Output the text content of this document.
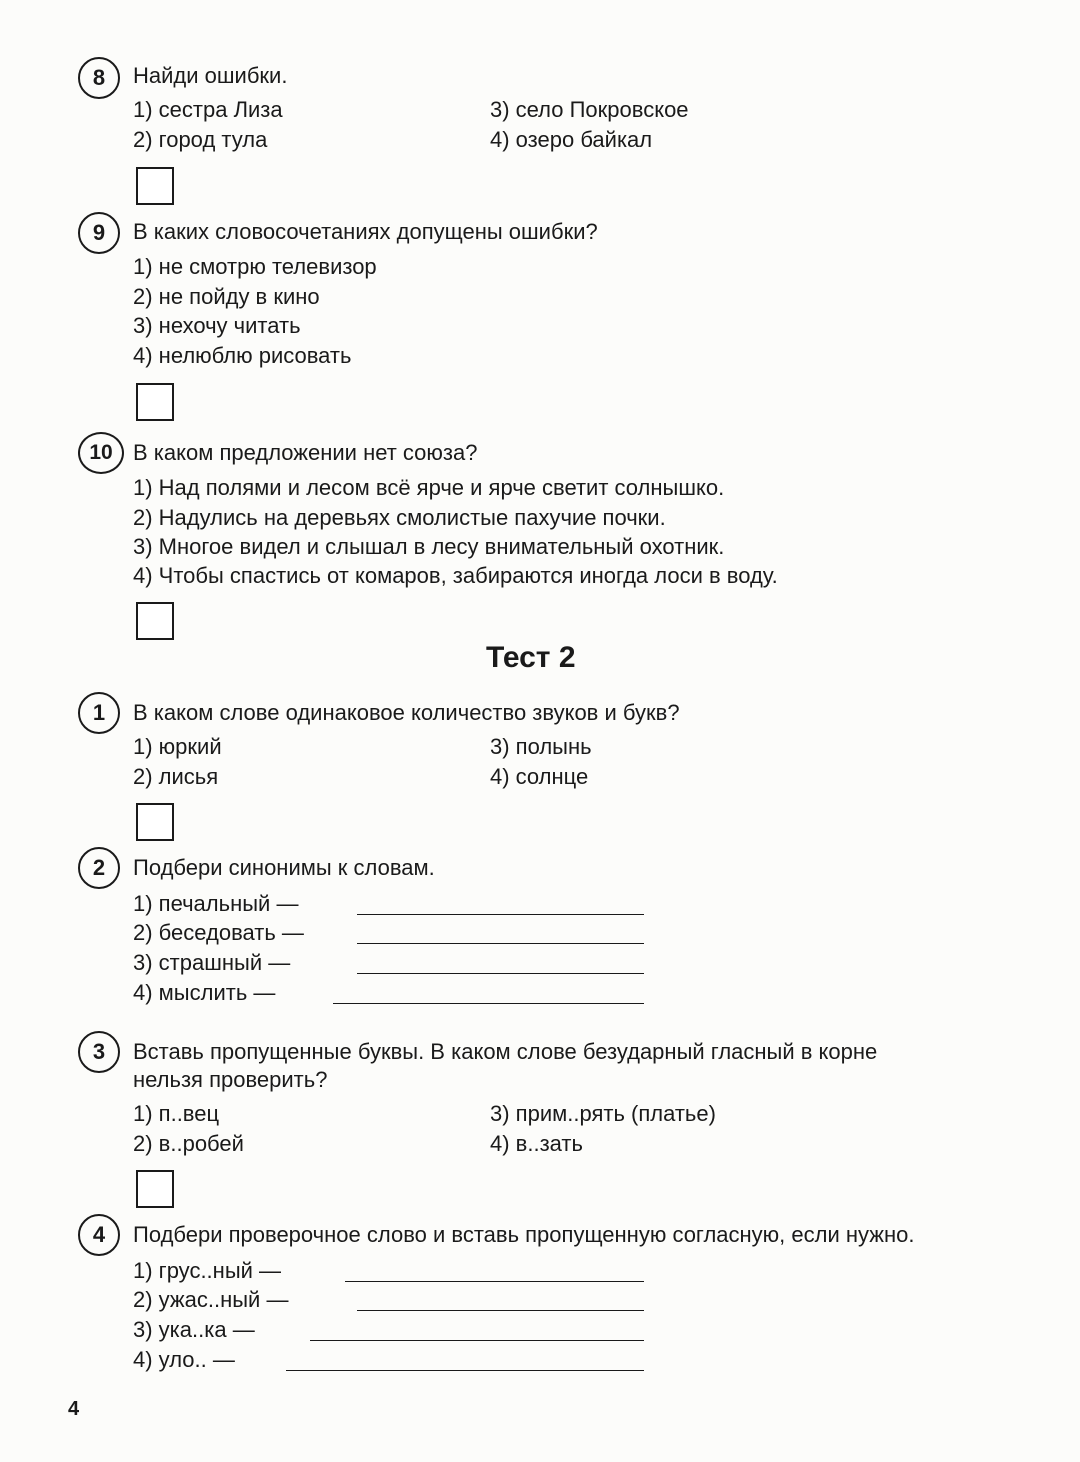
8	Найди ошибки.
1) сестра Лиза
2) город тула
3) село Покровское
4) озеро байкал
9	В каких словосочетаниях допущены ошибки?
1) не смотрю телевизор
2) не пойду в кино
3) нехочу читать
4) нелюблю рисовать
10 В каком предложении нет союза?
1) Над полями и лесом всё ярче и ярче светит солнышко.
2) Надулись на деревьях смолистые пахучие почки.
3) Многое видел и слышал в лесу внимательный охотник.
4) Чтобы спастись от комаров, забираются иногда лоси в воду.
Тест 2
1	В каком слове одинаковое количество звуков и букв?
1) юркий
2) лисья
3) полынь
4) солнце
2	Подбери синонимы к словам.
1) печальный —
2) беседовать —
3) страшный —
4) мыслить —
3	Вставь пропущенные буквы. В каком слове безударный гласный в корне
нельзя проверить?
1) п..вец
2) в..робей
3) прим..рять (платье)
4) в..зать
4	Подбери проверочное слово и вставь пропущенную согласную, если нужно.
1) грус..ный —
2) ужас..ный —
3) ука..ка —
4) уло.. —
4
